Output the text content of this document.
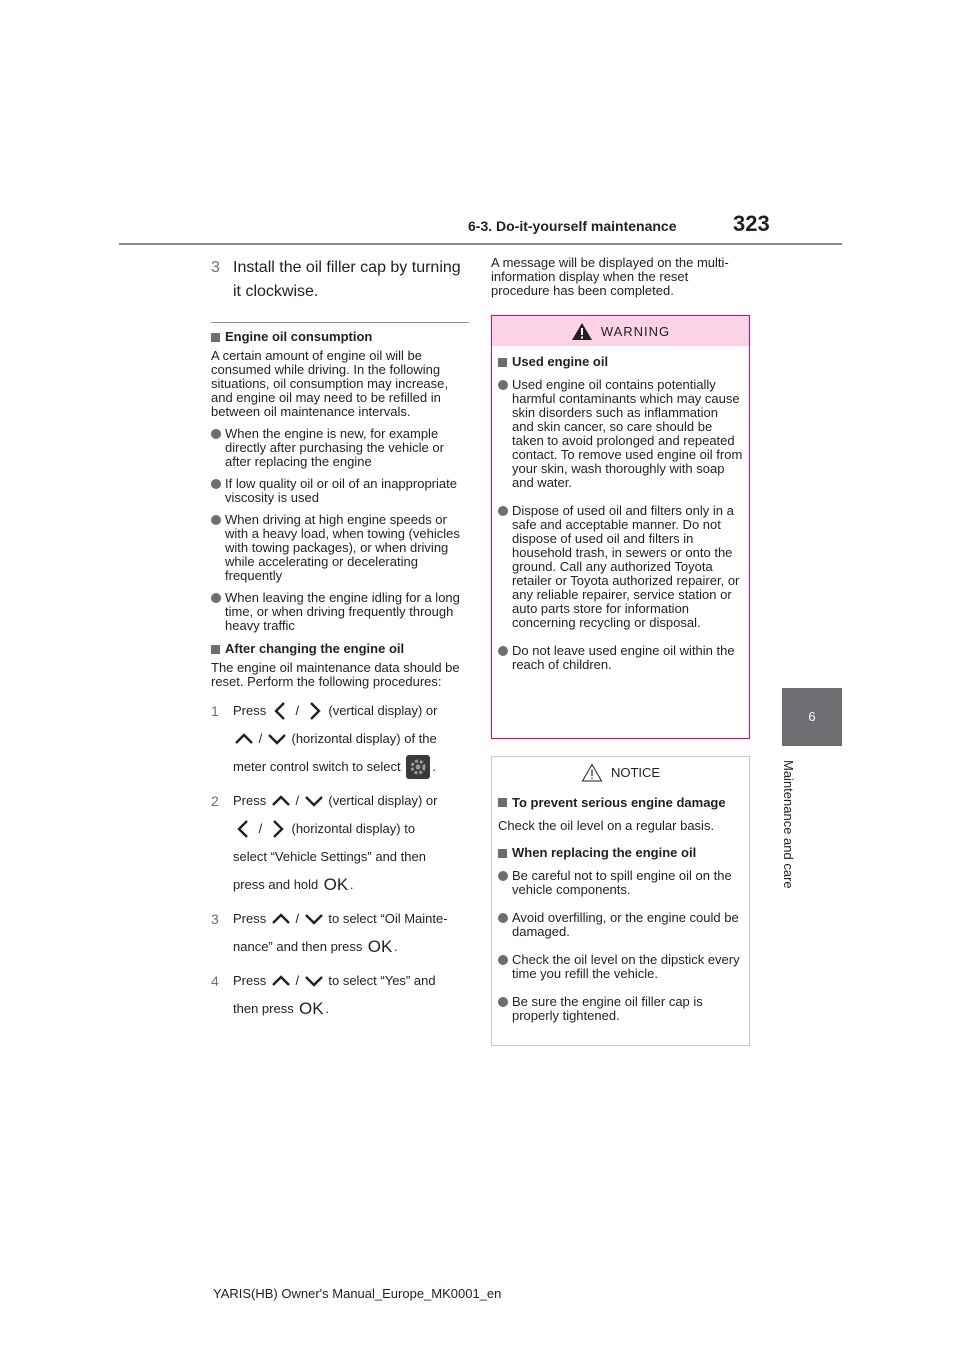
6-3. Do-it-yourself maintenance	323
6
Maintenance and care
3 Install the oil filler cap by turning it clockwise.
Engine oil consumption

A certain amount of engine oil will be consumed while driving. In the following situations, oil consumption may increase, and engine oil may need to be refilled in between oil maintenance intervals.

When the engine is new, for example directly after purchasing the vehicle or after replacing the engine
If low quality oil or oil of an inappropriate viscosity is used
When driving at high engine speeds or with a heavy load, when towing (vehicles with towing packages), or when driving while accelerating or decelerating frequently
When leaving the engine idling for a long time, or when driving frequently through heavy traffic
After changing the engine oil

The engine oil maintenance data should be reset. Perform the following procedures:

1	Press

/

(vertical display) or

/

(horizontal display) of the
meter control switch to select
.
2	Press

/

(vertical display) or

/

(horizontal display) to
select “Vehicle Settings” and then
press and hold
OK .
3	Press

/

to select “Oil Mainte-
nance” and then press
OK .
4	Press

/

to select “Yes” and
then press
OK .

A message will be displayed on the multi-information display when the reset procedure has been completed.

WARNING
Used engine oil
Used engine oil contains potentially harmful contaminants which may cause skin disorders such as inflammation and skin cancer, so care should be taken to avoid prolonged and repeated contact. To remove used engine oil from your skin, wash thoroughly with soap and water.
Dispose of used oil and filters only in a safe and acceptable manner. Do not dispose of used oil and filters in household trash, in sewers or onto the ground. Call any authorized Toyota retailer or Toyota authorized repairer, or any reliable repairer, service station or auto parts store for information concerning recycling or disposal.
Do not leave used engine oil within the reach of children.
NOTICE
To prevent serious engine damage

Check the oil level on a regular basis.

When replacing the engine oil
Be careful not to spill engine oil on the vehicle components.
Avoid overfilling, or the engine could be damaged.
Check the oil level on the dipstick every time you refill the vehicle.
Be sure the engine oil filler cap is properly tightened.
YARIS(HB) Owner's Manual_Europe_MK0001_en
